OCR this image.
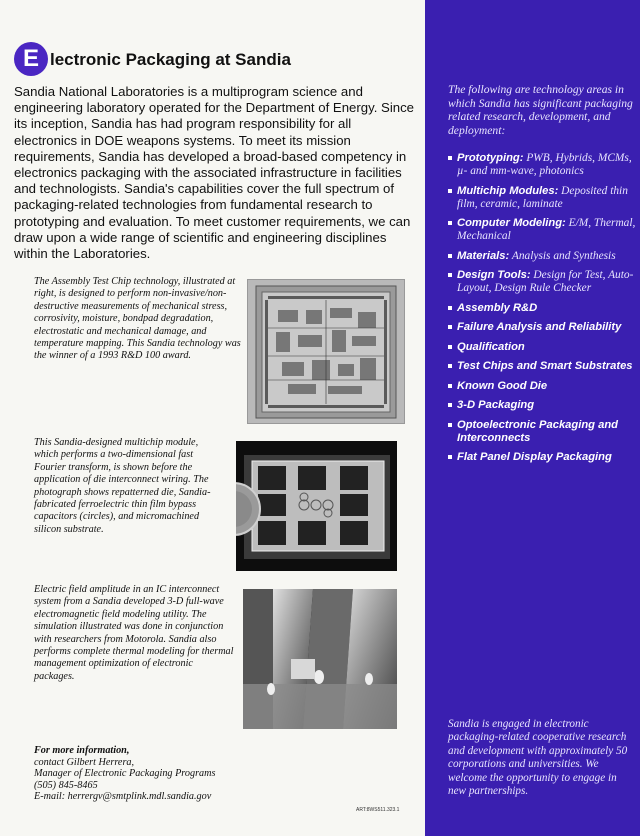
E lectronic Packaging at Sandia
Sandia National Laboratories is a multiprogram science and engineering laboratory operated for the Department of Energy. Since its inception, Sandia has had program responsibility for all electronics in DOE weapons systems. To meet its mission requirements, Sandia has developed a broad-based competency in electronics packaging with the associated infrastructure in facilities and technologists. Sandia's capabilities cover the full spectrum of packaging-related technologies from fundamental research to prototyping and evaluation. To meet customer requirements, we can draw upon a wide range of scientific and engineering disciplines within the Laboratories.
The Assembly Test Chip technology, illustrated at right, is designed to perform non-invasive/non-destructive measurements of mechanical stress, corrosivity, moisture, bondpad degradation, electrostatic and mechanical damage, and temperature mapping. This Sandia technology was the winner of a 1993 R&D 100 award.
This Sandia-designed multichip module, which performs a two-dimensional fast Fourier transform, is shown before the application of die interconnect wiring. The photograph shows repatterned die, Sandia-fabricated ferroelectric thin film bypass capacitors (circles), and micromachined silicon substrate.
Electric field amplitude in an IC interconnect system from a Sandia developed 3-D full-wave electromagnetic field modeling utility. The simulation illustrated was done in conjunction with researchers from Motorola. Sandia also performs complete thermal modeling for thermal management optimization of electronic packages.
For more information,
contact Gilbert Herrera,
Manager of Electronic Packaging Programs
(505) 845-8465
E-mail: herrergv@smtplink.mdl.sandia.gov
ART:8WS511.323.1
The following are technology areas in which Sandia has significant packaging related research, development, and deployment:
Prototyping: PWB, Hybrids, MCMs, µ- and mm-wave, photonics
Multichip Modules: Deposited thin film, ceramic, laminate
Computer Modeling: E/M, Thermal, Mechanical
Materials: Analysis and Synthesis
Design Tools: Design for Test, Auto-Layout, Design Rule Checker
Assembly R&D
Failure Analysis and Reliability
Qualification
Test Chips and Smart Substrates
Known Good Die
3-D Packaging
Optoelectronic Packaging and Interconnects
Flat Panel Display Packaging
Sandia is engaged in electronic packaging-related cooperative research and development with approximately 50 corporations and universities. We welcome the opportunity to engage in new partnerships.
